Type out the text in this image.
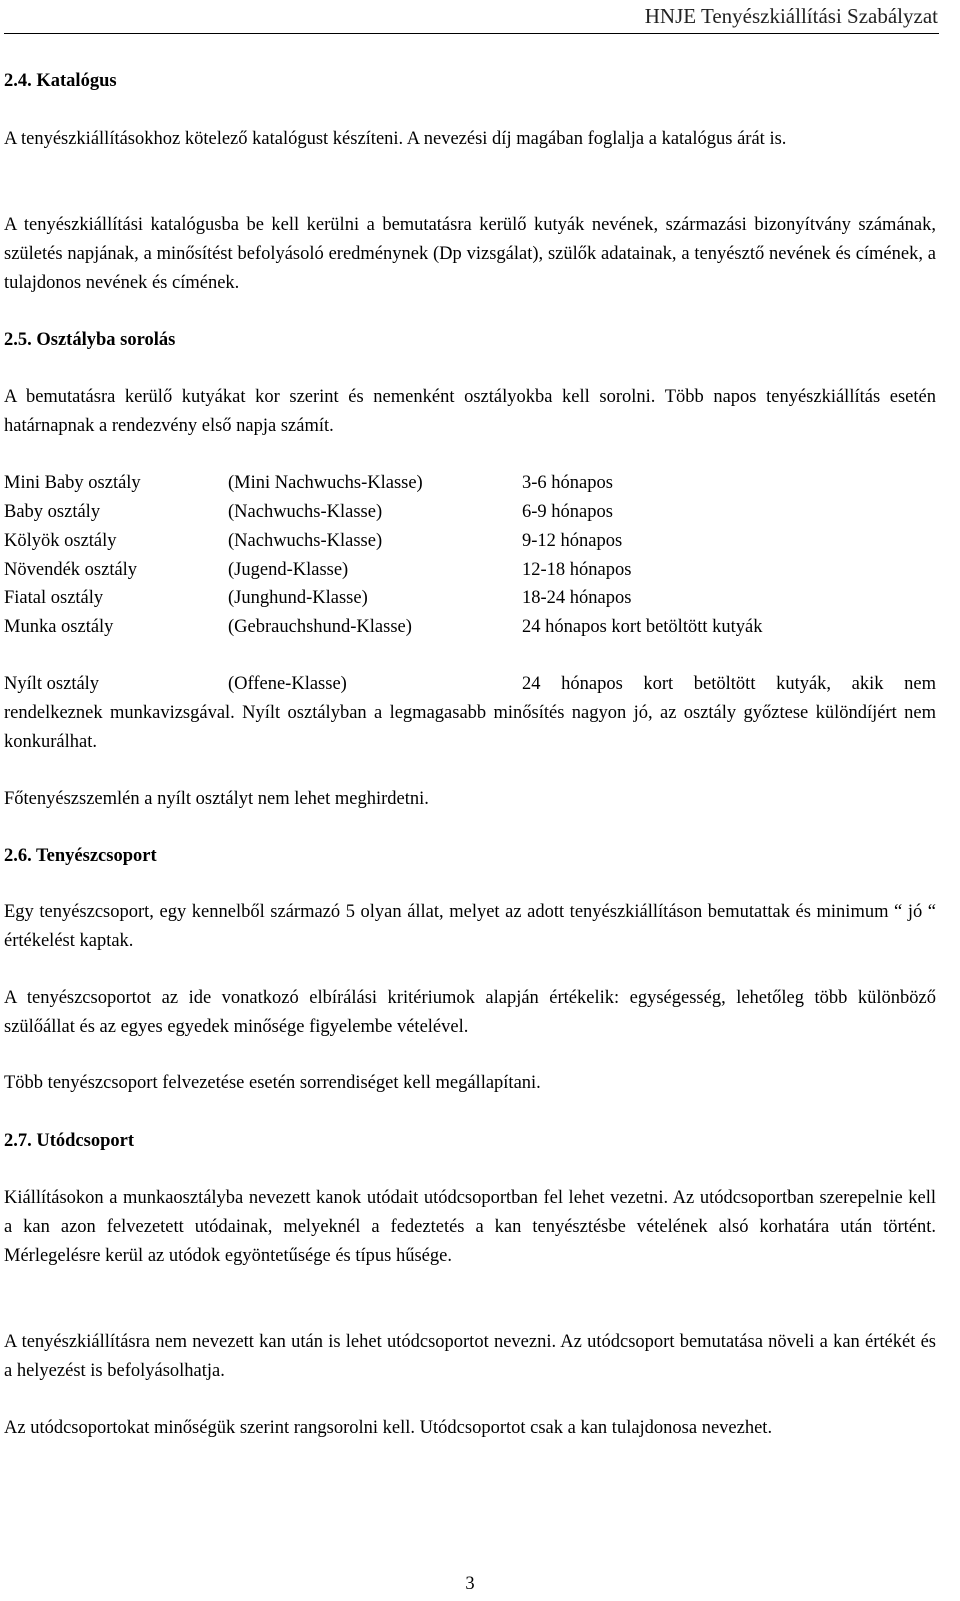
HNJE Tenyészkiállítási Szabályzat
2.4. Katalógus
A tenyészkiállításokhoz kötelező katalógust készíteni. A nevezési díj magában foglalja a katalógus árát is.
A tenyészkiállítási katalógusba be kell kerülni a bemutatásra kerülő kutyák nevének, származási bizonyítvány számának, születés napjának, a minősítést befolyásoló eredménynek (Dp vizsgálat), szülők adatainak, a tenyésztő nevének és címének, a tulajdonos nevének és címének.
2.5. Osztályba sorolás
A bemutatásra kerülő kutyákat kor szerint és nemenként osztályokba kell sorolni. Több napos tenyészkiállítás esetén határnapnak a rendezvény első napja számít.
Mini Baby osztály	(Mini Nachwuchs-Klasse)	3-6 hónapos
Baby osztály	(Nachwuchs-Klasse)	6-9 hónapos
Kölyök osztály	(Nachwuchs-Klasse)	9-12 hónapos
Növendék osztály	(Jugend-Klasse)	12-18 hónapos
Fiatal osztály	(Junghund-Klasse)	18-24 hónapos
Munka osztály	(Gebrauchshund-Klasse)	24 hónapos kort betöltött kutyák
Nyílt osztály	(Offene-Klasse)	24 hónapos kort betöltött kutyák, akik nem
rendelkeznek munkavizsgával. Nyílt osztályban a legmagasabb minősítés nagyon jó, az osztály győztese különdíjért nem konkurálhat.
Főtenyészszemlén a nyílt osztályt nem lehet meghirdetni.
2.6. Tenyészcsoport
Egy tenyészcsoport, egy kennelből származó 5 olyan állat, melyet az adott tenyészkiállításon bemutattak és minimum “ jó “ értékelést kaptak.
A tenyészcsoportot az ide vonatkozó elbírálási kritériumok alapján értékelik: egységesség, lehetőleg több különböző szülőállat és az egyes egyedek minősége figyelembe vételével.
Több tenyészcsoport felvezetése esetén sorrendiséget kell megállapítani.
2.7. Utódcsoport
Kiállításokon a munkaosztályba nevezett kanok utódait utódcsoportban fel lehet vezetni. Az utódcsoportban szerepelnie kell a kan azon felvezetett utódainak, melyeknél a fedeztetés a kan tenyésztésbe vételének alsó korhatára után történt. Mérlegelésre kerül az utódok egyöntetűsége és típus hűsége.
A tenyészkiállításra nem nevezett kan után is lehet utódcsoportot nevezni. Az utódcsoport bemutatása növeli a kan értékét és a helyezést is befolyásolhatja.
Az utódcsoportokat minőségük szerint rangsorolni kell. Utódcsoportot csak a kan tulajdonosa nevezhet.
3
